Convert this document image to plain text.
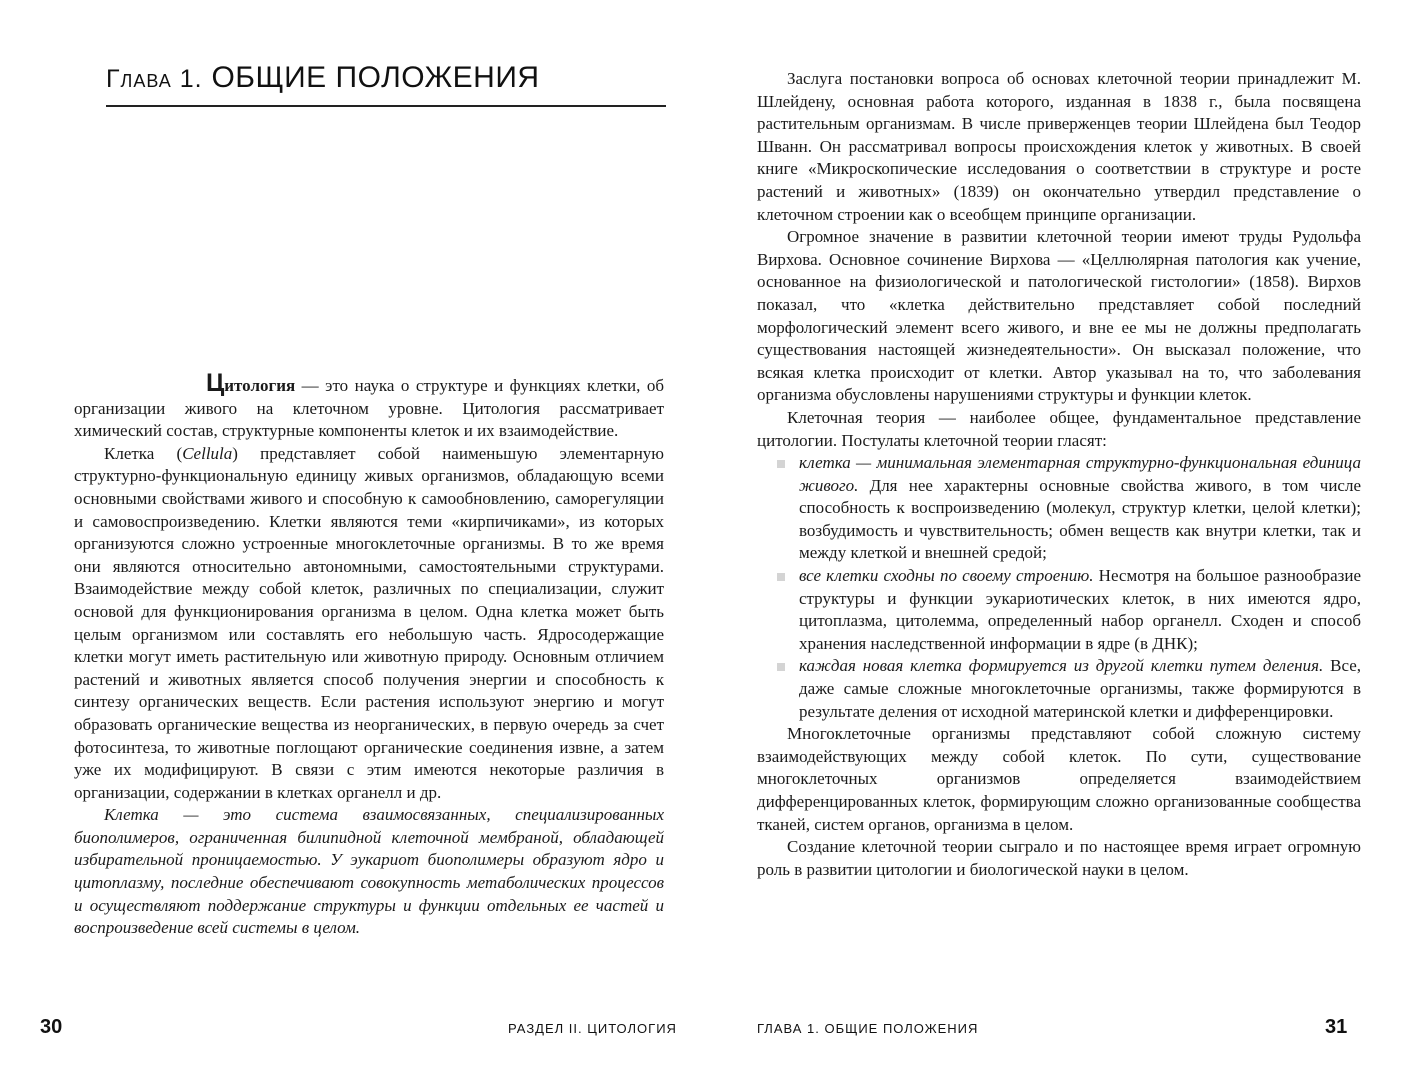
Глава 1. ОБЩИЕ ПОЛОЖЕНИЯ

Цитология — это наука о структуре и функциях клетки, об организации живого на клеточном уровне. Цитология рассматривает химический состав, структурные компоненты клеток и их взаимодействие.

Клетка (Cellula) представляет собой наименьшую элементарную структурно-функциональную единицу живых организмов, обладающую всеми основными свойствами живого и способную к самообновлению, саморегуляции и самовоспроизведению. Клетки являются теми «кирпичиками», из которых организуются сложно устроенные многоклеточные организмы. В то же время они являются относительно автономными, самостоятельными структурами. Взаимодействие между собой клеток, различных по специализации, служит основой для функционирования организма в целом. Одна клетка может быть целым организмом или составлять его небольшую часть. Ядросодержащие клетки могут иметь растительную или животную природу. Основным отличием растений и животных является способ получения энергии и способность к синтезу органических веществ. Если растения используют энергию и могут образовать органические вещества из неорганических, в первую очередь за счет фотосинтеза, то животные поглощают органические соединения извне, а затем уже их модифицируют. В связи с этим имеются некоторые различия в организации, содержании в клетках органелл и др.

Клетка — это система взаимосвязанных, специализированных биополимеров, ограниченная билипидной клеточной мембраной, обладающей избирательной проницаемостью. У эукариот биополимеры образуют ядро и цитоплазму, последние обеспечивают совокупность метаболических процессов и осуществляют поддержание структуры и функции отдельных ее частей и воспроизведение всей системы в целом.

30	РАЗДЕЛ II. ЦИТОЛОГИЯ

Заслуга постановки вопроса об основах клеточной теории принадлежит М. Шлейдену, основная работа которого, изданная в 1838 г., была посвящена растительным организмам. В числе приверженцев теории Шлейдена был Теодор Шванн. Он рассматривал вопросы происхождения клеток у животных. В своей книге «Микроскопические исследования о соответствии в структуре и росте растений и животных» (1839) он окончательно утвердил представление о клеточном строении как о всеобщем принципе организации.

Огромное значение в развитии клеточной теории имеют труды Рудольфа Вирхова. Основное сочинение Вирхова — «Целлюлярная патология как учение, основанное на физиологической и патологической гистологии» (1858). Вирхов показал, что «клетка действительно представляет собой последний морфологический элемент всего живого, и вне ее мы не должны предполагать существования настоящей жизнедеятельности». Он высказал положение, что всякая клетка происходит от клетки. Автор указывал на то, что заболевания организма обусловлены нарушениями структуры и функции клеток.

Клеточная теория — наиболее общее, фундаментальное представление цитологии. Постулаты клеточной теории гласят:

клетка — минимальная элементарная структурно-функциональная единица живого. Для нее характерны основные свойства живого, в том числе способность к воспроизведению (молекул, структур клетки, целой клетки); возбудимость и чувствительность; обмен веществ как внутри клетки, так и между клеткой и внешней средой;
все клетки сходны по своему строению. Несмотря на большое разнообразие структуры и функции эукариотических клеток, в них имеются ядро, цитоплазма, цитолемма, определенный набор органелл. Сходен и способ хранения наследственной информации в ядре (в ДНК);
каждая новая клетка формируется из другой клетки путем деления. Все, даже самые сложные многоклеточные организмы, также формируются в результате деления от исходной материнской клетки и дифференцировки.

Многоклеточные организмы представляют собой сложную систему взаимодействующих между собой клеток. По сути, существование многоклеточных организмов определяется взаимодействием дифференцированных клеток, формирующим сложно организованные сообщества тканей, систем органов, организма в целом.

Создание клеточной теории сыграло и по настоящее время играет огромную роль в развитии цитологии и биологической науки в целом.

ГЛАВА 1. ОБЩИЕ ПОЛОЖЕНИЯ	31
